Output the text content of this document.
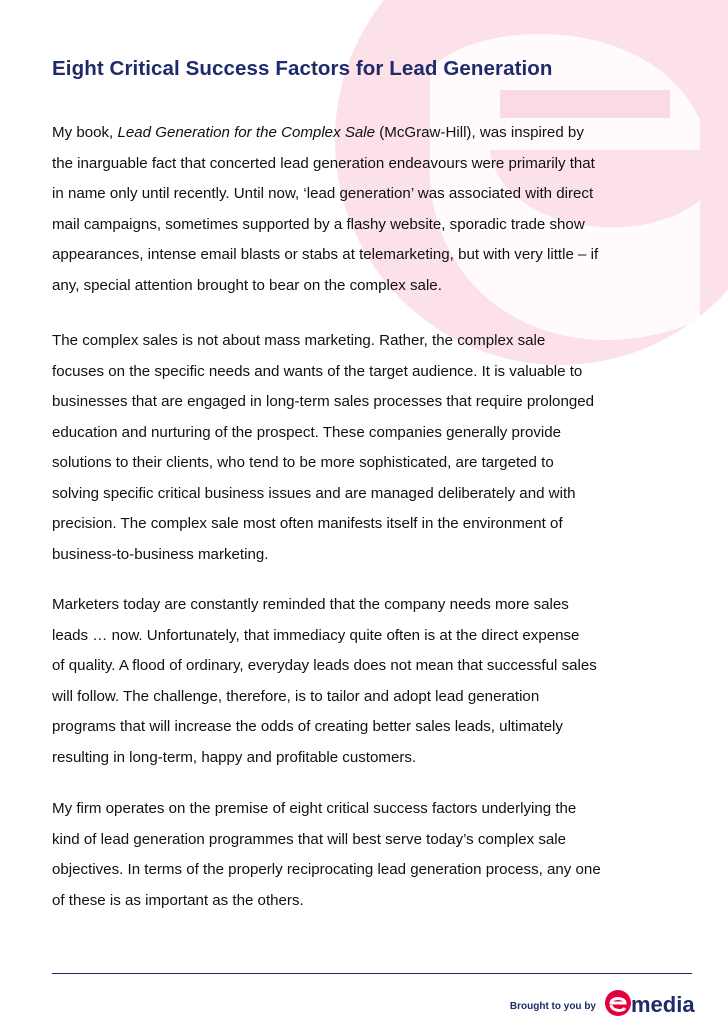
Eight Critical Success Factors for Lead Generation

My book, Lead Generation for the Complex Sale (McGraw-Hill), was inspired by
the inarguable fact that concerted lead generation endeavours were primarily that
in name only until recently. Until now, ‘lead generation’ was associated with direct
mail campaigns, sometimes supported by a flashy website, sporadic trade show
appearances, intense email blasts or stabs at telemarketing, but with very little – if
any, special attention brought to bear on the complex sale.

The complex sales is not about mass marketing. Rather, the complex sale
focuses on the specific needs and wants of the target audience. It is valuable to
businesses that are engaged in long-term sales processes that require prolonged
education and nurturing of the prospect. These companies generally provide
solutions to their clients, who tend to be more sophisticated, are targeted to
solving specific critical business issues and are managed deliberately and with
precision. The complex sale most often manifests itself in the environment of
business-to-business marketing.

Marketers today are constantly reminded that the company needs more sales
leads … now. Unfortunately, that immediacy quite often is at the direct expense
of quality. A flood of ordinary, everyday leads does not mean that successful sales
will follow. The challenge, therefore, is to tailor and adopt lead generation
programs that will increase the odds of creating better sales leads, ultimately
resulting in long-term, happy and profitable customers.

My firm operates on the premise of eight critical success factors underlying the
kind of lead generation programmes that will best serve today’s complex sale
objectives. In terms of the properly reciprocating lead generation process, any one
of these is as important as the others.

Brought to you by media
